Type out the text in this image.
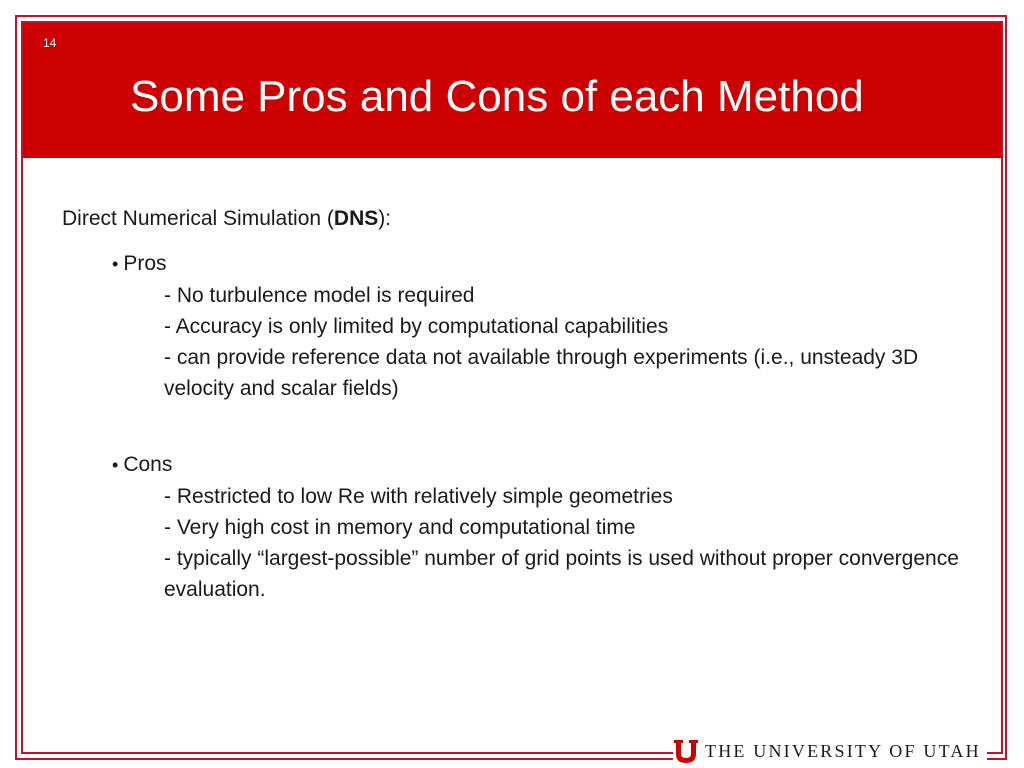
14
Some Pros and Cons of each Method

Direct Numerical Simulation (DNS):

• Pros
- No turbulence model is required
- Accuracy is only limited by computational capabilities
- can provide reference data not available through experiments (i.e., unsteady 3D velocity and scalar fields)
• Cons
- Restricted to low Re with relatively simple geometries
- Very high cost in memory and computational time
- typically “largest-possible” number of grid points is used without proper convergence evaluation.
THE UNIVERSITY OF UTAH
